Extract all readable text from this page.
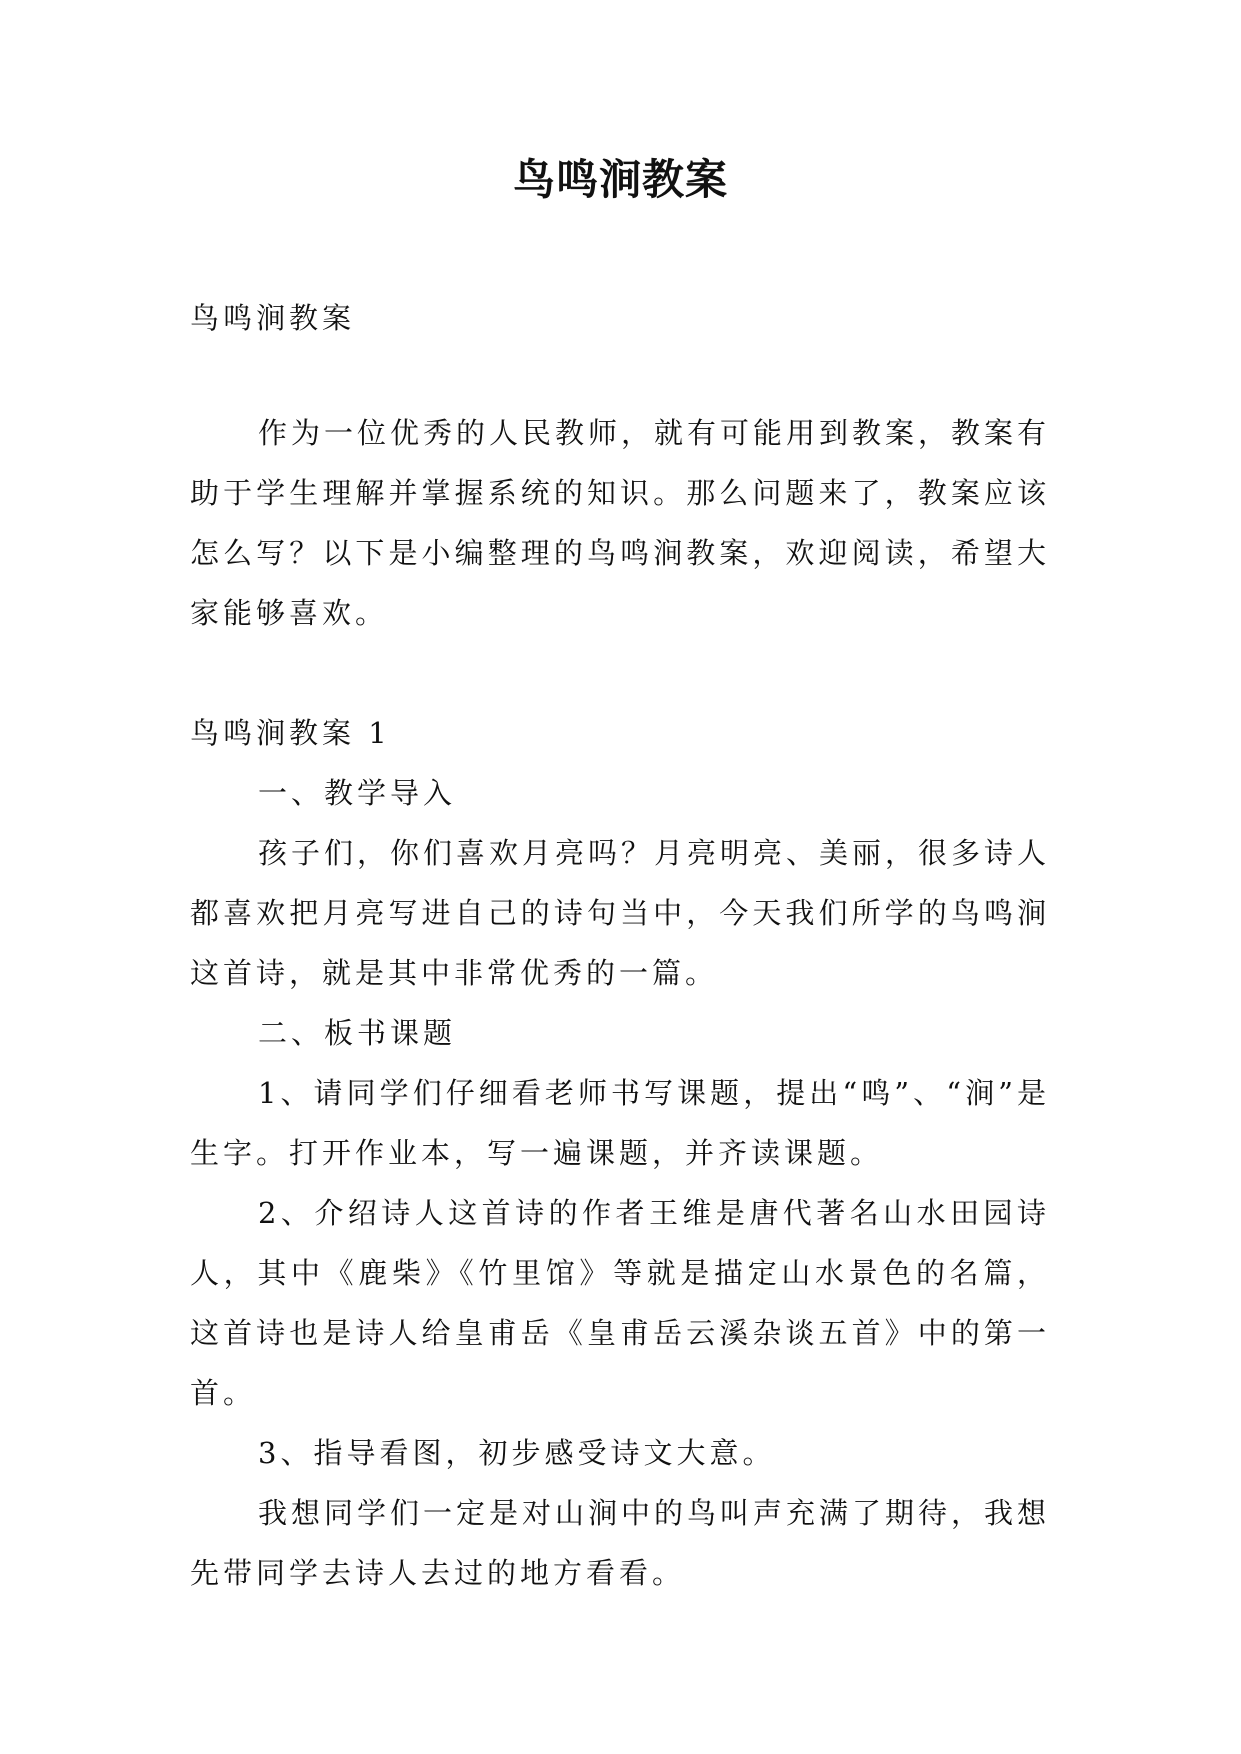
鸟鸣涧教案

鸟鸣涧教案

作为一位优秀的人民教师，就有可能用到教案，教案有助于学生理解并掌握系统的知识。那么问题来了，教案应该怎么写？以下是小编整理的鸟鸣涧教案，欢迎阅读，希望大家能够喜欢。

鸟鸣涧教案 1

一、教学导入

孩子们，你们喜欢月亮吗？月亮明亮、美丽，很多诗人都喜欢把月亮写进自己的诗句当中，今天我们所学的鸟鸣涧这首诗，就是其中非常优秀的一篇。

二、板书课题

1、请同学们仔细看老师书写课题，提出“鸣”、“涧”是生字。打开作业本，写一遍课题，并齐读课题。

2、介绍诗人这首诗的作者王维是唐代著名山水田园诗人，其中《鹿柴》《竹里馆》等就是描定山水景色的名篇，这首诗也是诗人给皇甫岳《皇甫岳云溪杂谈五首》中的第一首。

3、指导看图，初步感受诗文大意。

我想同学们一定是对山涧中的鸟叫声充满了期待，我想先带同学去诗人去过的地方看看。
